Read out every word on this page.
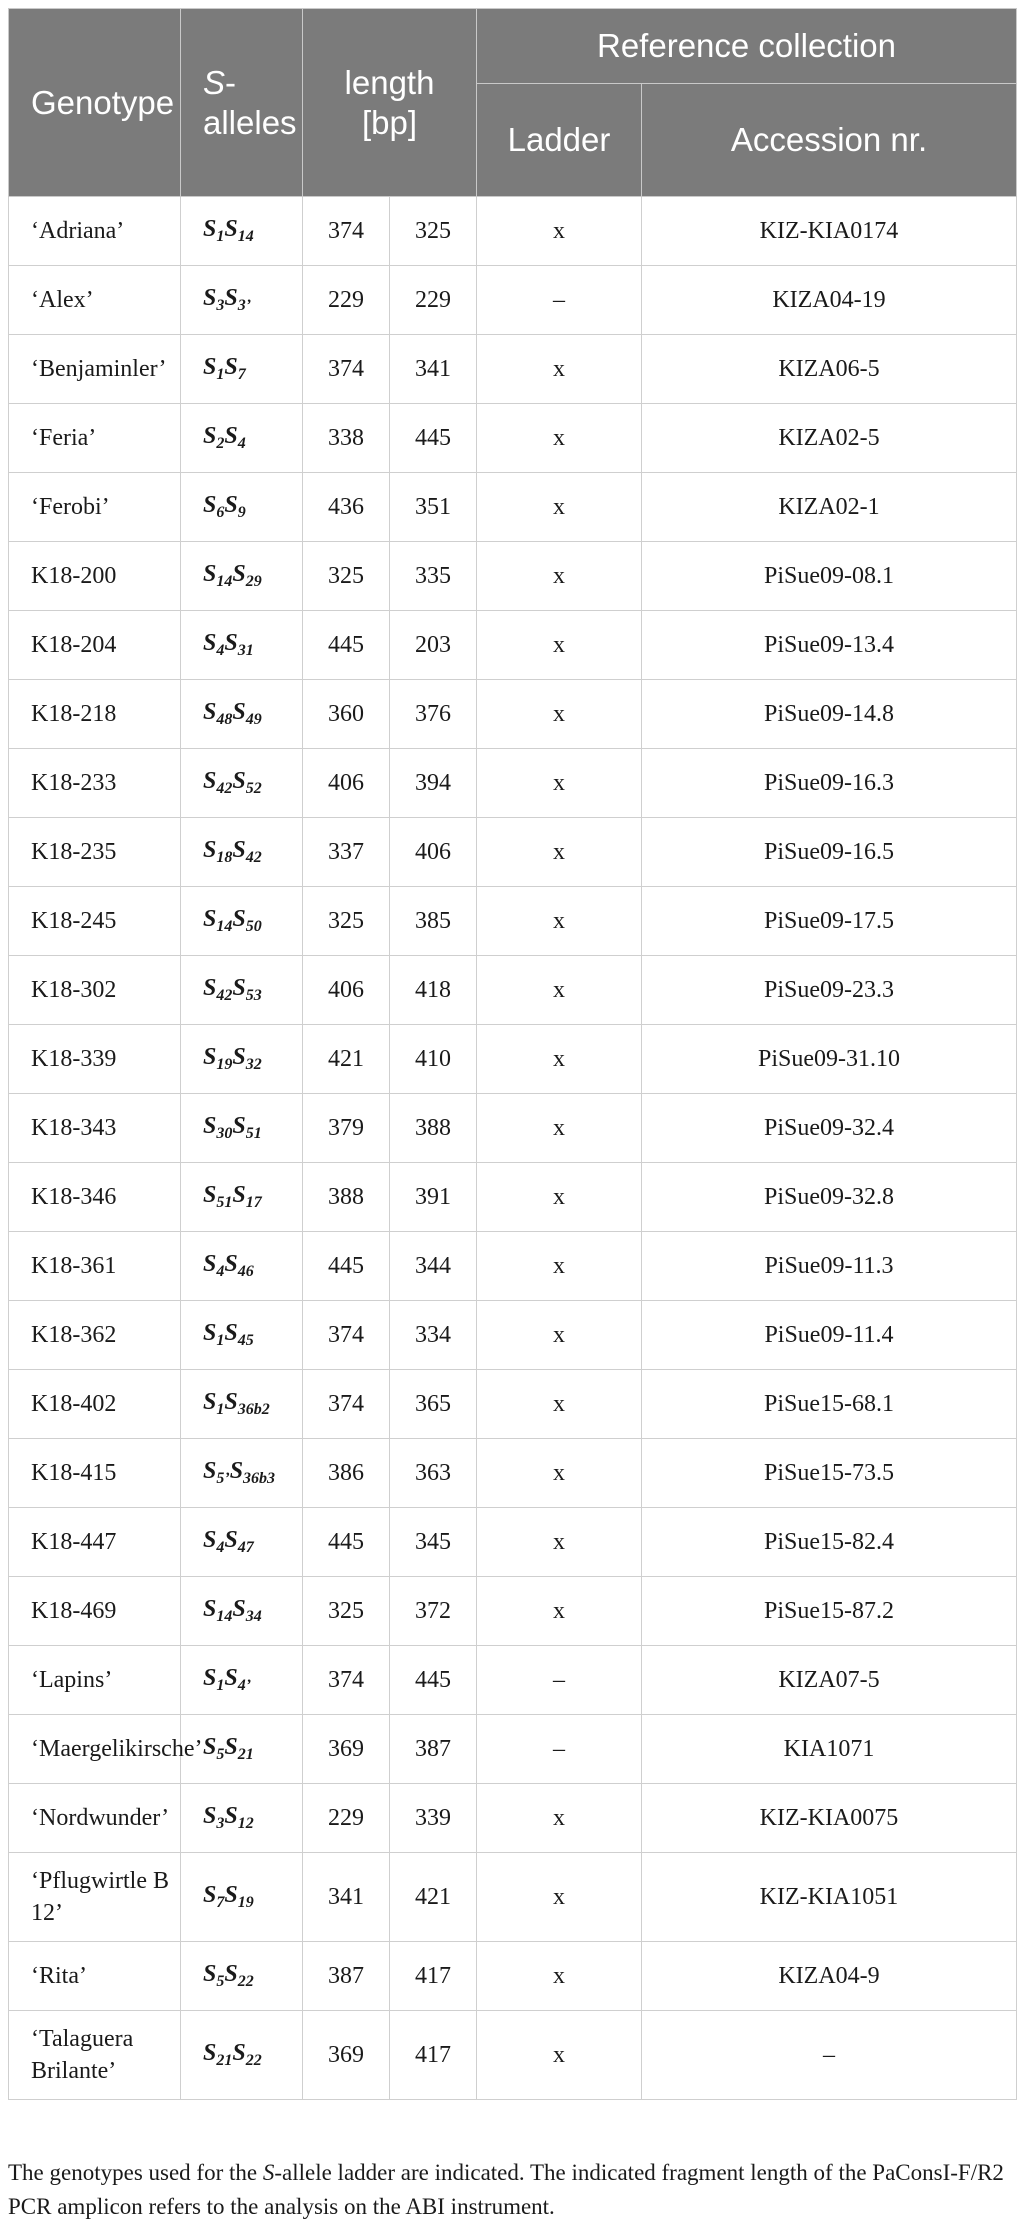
Genotype	S-alleles	length [bp]		Reference collection	
				Ladder	Accession nr.
‘Adriana’	$S_1S_{14}$	374	325	x	KIZ-KIA0174
‘Alex’	$S_3S_{3’}$	229	229	–	KIZA04-19
‘Benjaminler’	$S_1S_7$	374	341	x	KIZA06-5
‘Feria’	$S_2S_4$	338	445	x	KIZA02-5
‘Ferobi’	$S_6S_9$	436	351	x	KIZA02-1
K18-200	$S_{14}S_{29}$	325	335	x	PiSue09-08.1
K18-204	$S_4S_{31}$	445	203	x	PiSue09-13.4
K18-218	$S_{48}S_{49}$	360	376	x	PiSue09-14.8
K18-233	$S_{42}S_{52}$	406	394	x	PiSue09-16.3
K18-235	$S_{18}S_{42}$	337	406	x	PiSue09-16.5
K18-245	$S_{14}S_{50}$	325	385	x	PiSue09-17.5
K18-302	$S_{42}S_{53}$	406	418	x	PiSue09-23.3
K18-339	$S_{19}S_{32}$	421	410	x	PiSue09-31.10
K18-343	$S_{30}S_{51}$	379	388	x	PiSue09-32.4
K18-346	$S_{51}S_{17}$	388	391	x	PiSue09-32.8
K18-361	$S_4S_{46}$	445	344	x	PiSue09-11.3
K18-362	$S_1S_{45}$	374	334	x	PiSue09-11.4
K18-402	$S_1S_{36b2}$	374	365	x	PiSue15-68.1
K18-415	$S_{5’}S_{36b3}$	386	363	x	PiSue15-73.5
K18-447	$S_4S_{47}$	445	345	x	PiSue15-82.4
K18-469	$S_{14}S_{34}$	325	372	x	PiSue15-87.2
‘Lapins’	$S_1S_{4’}$	374	445	–	KIZA07-5
‘Maergelikirsche’	$S_5S_{21}$	369	387	–	KIA1071
‘Nordwunder’	$S_3S_{12}$	229	339	x	KIZ-KIA0075
‘Pflugwirtle B 12’	$S_7S_{19}$	341	421	x	KIZ-KIA1051
‘Rita’	$S_5S_{22}$	387	417	x	KIZA04-9
‘Talaguera Brilante’	$S_{21}S_{22}$	369	417	x	–
The genotypes used for the S-allele ladder are indicated. The indicated fragment length of the PaConsI-F/R2 PCR amplicon refers to the analysis on the ABI instrument.
